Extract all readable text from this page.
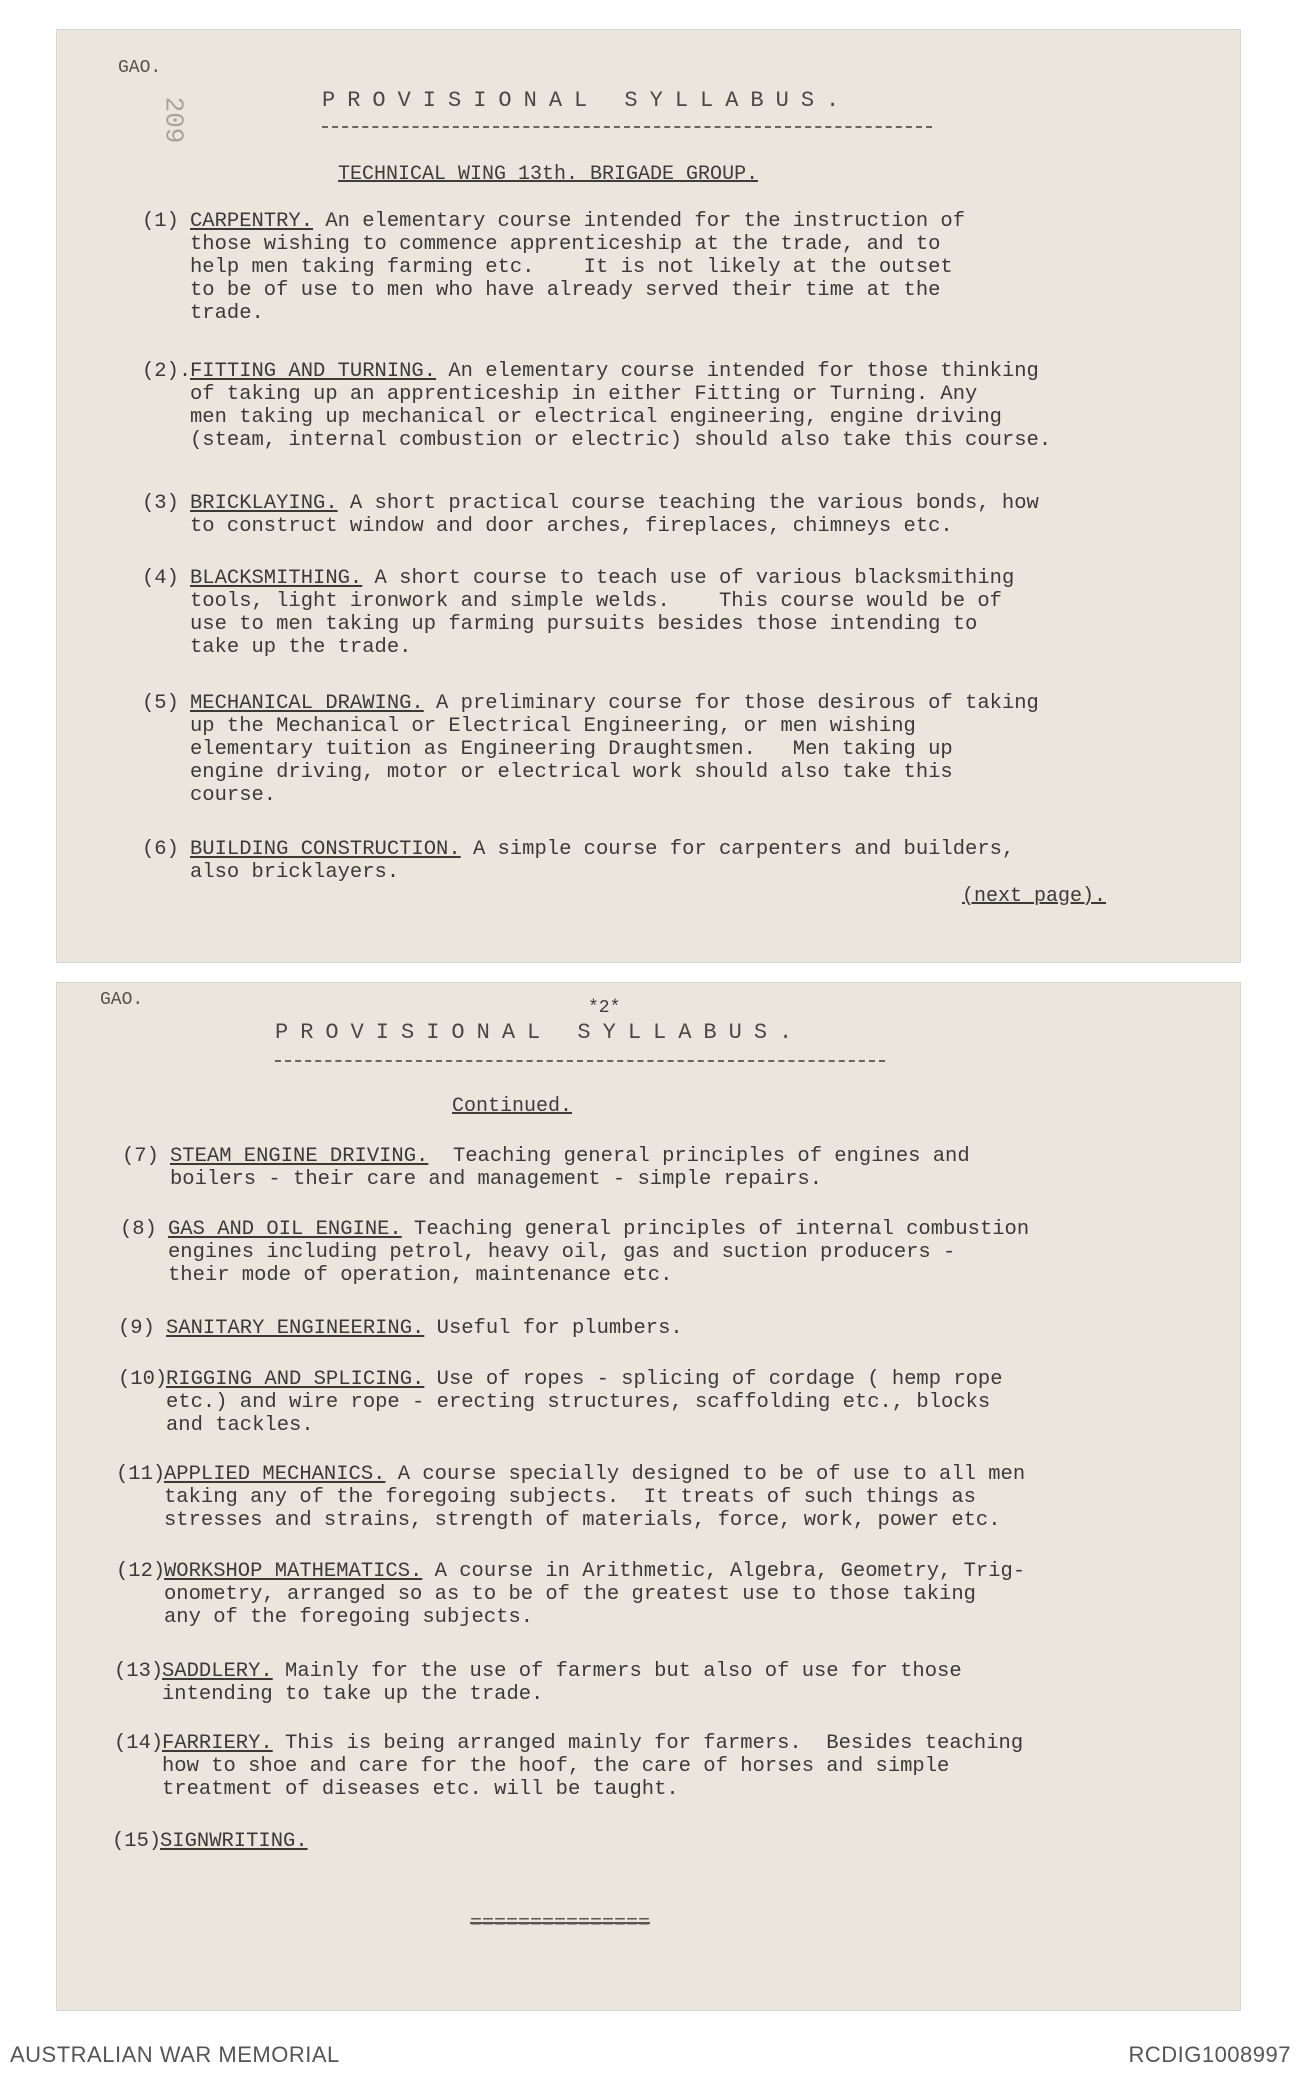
GAO.
209	PROVISIONAL SYLLABUS.
TECHNICAL WING 13th. BRIGADE GROUP.
(1) CARPENTRY. An elementary course intended for the instruction of
those wishing to commence apprenticeship at the trade, and to
help men taking farming etc.    It is not likely at the outset
to be of use to men who have already served their time at the
trade.
(2).
FITTING AND TURNING. An elementary course intended for those thinking
of taking up an apprenticeship in either Fitting or Turning. Any
men taking up mechanical or electrical engineering, engine driving
(steam, internal combustion or electric) should also take this course.
(3) BRICKLAYING. A short practical course teaching the various bonds, how
to construct window and door arches, fireplaces, chimneys etc.
(4) BLACKSMITHING. A short course to teach use of various blacksmithing
tools, light ironwork and simple welds.    This course would be of
use to men taking up farming pursuits besides those intending to
take up the trade.
(5) MECHANICAL DRAWING. A preliminary course for those desirous of taking
up the Mechanical or Electrical Engineering, or men wishing
elementary tuition as Engineering Draughtsmen.   Men taking up
engine driving, motor or electrical work should also take this
course.
(6) BUILDING CONSTRUCTION. A simple course for carpenters and builders,
also bricklayers.
(next page).
GAO.	*2*
PROVISIONAL SYLLABUS.
Continued.
(7) STEAM ENGINE DRIVING.  Teaching general principles of engines and
boilers - their care and management - simple repairs.
(8) GAS AND OIL ENGINE. Teaching general principles of internal combustion
engines including petrol, heavy oil, gas and suction producers -
their mode of operation, maintenance etc.
(9) SANITARY ENGINEERING. Useful for plumbers.
(10)
RIGGING AND SPLICING. Use of ropes - splicing of cordage ( hemp rope
etc.) and wire rope - erecting structures, scaffolding etc., blocks
and tackles.
(11)
APPLIED MECHANICS. A course specially designed to be of use to all men
taking any of the foregoing subjects.  It treats of such things as
stresses and strains, strength of materials, force, work, power etc.
(12)
WORKSHOP MATHEMATICS. A course in Arithmetic, Algebra, Geometry, Trig-
onometry, arranged so as to be of the greatest use to those taking
any of the foregoing subjects.
(13)
SADDLERY. Mainly for the use of farmers but also of use for those
intending to take up the trade.
(14)
FARRIERY. This is being arranged mainly for farmers.  Besides teaching
how to shoe and care for the hoof, the care of horses and simple
treatment of diseases etc. will be taught.
(15)
SIGNWRITING.
===============
AUSTRALIAN WAR MEMORIAL	RCDIG1008997
